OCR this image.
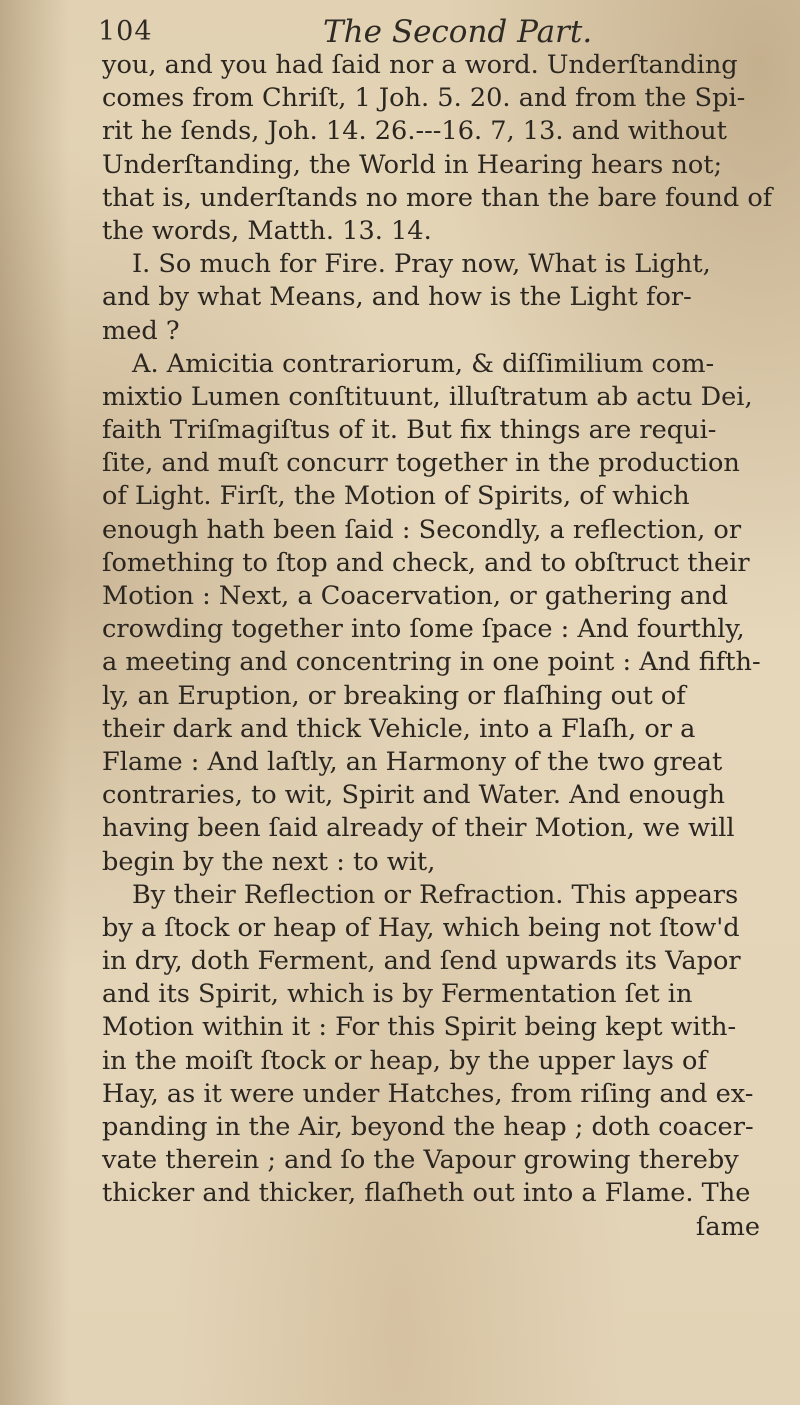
104	The Second Part.
you, and you had ſaid nor a word. Underſtanding
comes from Chriſt, 1 Joh. 5. 20. and from the Spi-
rit he ſends, Joh. 14. 26.---16. 7, 13. and without
Underſtanding, the World in Hearing hears not;
that is, underſtands no more than the bare found of
the words, Matth. 13. 14.
I. So much for Fire. Pray now, What is Light,
and by what Means, and how is the Light for-
med ?
A. Amicitia contrariorum, & diſſimilium com-
mixtio Lumen conſtituunt, illuſtratum ab actu Dei,
faith Triſmagiſtus of it. But fix things are requi-
ſite, and muſt concurr together in the production
of Light. Firſt, the Motion of Spirits, of which
enough hath been ſaid : Secondly, a reflection, or
ſomething to ſtop and check, and to obſtruct their
Motion : Next, a Coacervation, or gathering and
crowding together into ſome ſpace : And fourthly,
a meeting and concentring in one point : And fifth-
ly, an Eruption, or breaking or flaſhing out of
their dark and thick Vehicle, into a Flaſh, or a
Flame : And laſtly, an Harmony of the two great
contraries, to wit, Spirit and Water. And enough
having been ſaid already of their Motion, we will
begin by the next : to wit,
By their Reflection or Refraction. This appears
by a ſtock or heap of Hay, which being not ſtow'd
in dry, doth Ferment, and ſend upwards its Vapor
and its Spirit, which is by Fermentation ſet in
Motion within it : For this Spirit being kept with-
in the moiſt ſtock or heap, by the upper lays of
Hay, as it were under Hatches, from riſing and ex-
panding in the Air, beyond the heap ; doth coacer-
vate therein ; and ſo the Vapour growing thereby
thicker and thicker, flaſheth out into a Flame. The
ſame
